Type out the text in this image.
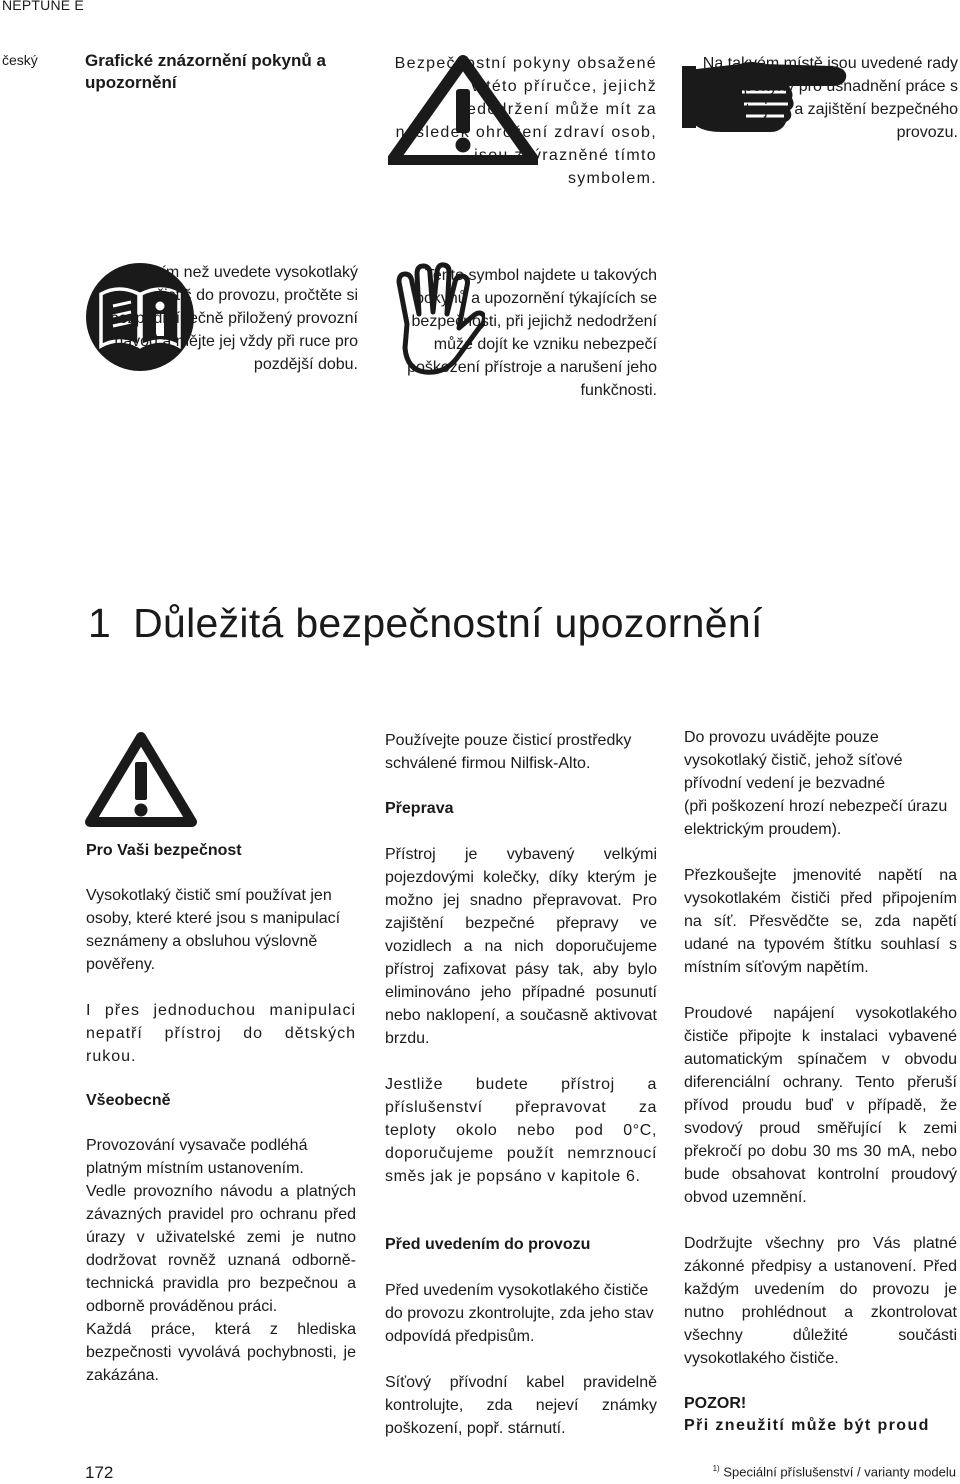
NEPTUNE E
český	Grafické znázornění pokynů a upozornění
Bezpečnostní pokyny obsažené v této příručce, jejichž nedodržení může mít za následek ohrožení zdraví osob, jsou zvýrazněné tímto symbolem.
Na takvém místě jsou uvedené rady nebo pokyny pro usnadnění práce s přístrojem a zajištění bezpečného provozu.
Předtím než uvedete vysokotlaký čistič do provozu, pročtěte si bezpodmínečně přiložený provozní návod a mějte jej vždy při ruce pro pozdější dobu.
Tento symbol najdete u takových pokynů a upozornění týkajících se bezpečnosti, při jejichž nedodržení může dojít ke vzniku nebezpečí poškození přístroje a narušení jeho funkčnosti.
1 Důležitá bezpečnostní upozornění

Pro Vaši bezpečnost

Vysokotlaký čistič smí používat jen osoby, které které jsou s manipulací seznámeny a obsluhou výslovně pověřeny.

I přes jednoduchou manipulaci nepatří přístroj do dětských rukou.

Všeobecně

Provozování vysavače podléhá platným místním ustanovením.

Vedle provozního návodu a platných závazných pravidel pro ochranu před úrazy v uživatelské zemi je nutno dodržovat rovněž uznaná odborně-technická pravidla pro bezpečnou a odborně prováděnou práci.

Každá práce, která z hlediska bezpečnosti vyvolává pochybnosti, je zakázána.

Používejte pouze čisticí prostředky schválené firmou Nilfisk-Alto.

Přeprava

Přístroj je vybavený velkými pojezdovými kolečky, díky kterým je možno jej snadno přepravovat. Pro zajištění bezpečné přepravy ve vozidlech a na nich doporučujeme přístroj zafixovat pásy tak, aby bylo eliminováno jeho případné posunutí nebo naklopení, a současně aktivovat brzdu.

Jestliže budete přístroj a příslušenství přepravovat za teploty okolo nebo pod 0°C, doporučujeme použít nemrznoucí směs jak je popsáno v kapitole 6.

Před uvedením do provozu

Před uvedením vysokotlakého čističe do provozu zkontrolujte, zda jeho stav odpovídá předpisům.

Síťový přívodní kabel pravidelně kontrolujte, zda nejeví známky poškození, popř. stárnutí.

Do provozu uvádějte pouze vysokotlaký čistič, jehož síťové přívodní vedení je bezvadné

(při poškození hrozí nebezpečí úrazu elektrickým proudem).

Přezkoušejte jmenovité napětí na vysokotlakém čističi před připojením na síť. Přesvědčte se, zda napětí udané na typovém štítku souhlasí s místním síťovým napětím.

Proudové napájení vysokotlakého čističe připojte k instalaci vybavené automatickým spínačem v obvodu diferenciální ochrany. Tento přeruší přívod proudu buď v případě, že svodový proud směřující k zemi překročí po dobu 30 ms 30 mA, nebo bude obsahovat kontrolní proudový obvod uzemnění.

Dodržujte všechny pro Vás platné zákonné předpisy a ustanovení. Před každým uvedením do provozu je nutno prohlédnout a zkontrolovat všechny důležité součásti vysokotlakého čističe.

POZOR!

Při zneužití může být proud

172	$^{1)}$ Speciální příslušenství / varianty modelu
